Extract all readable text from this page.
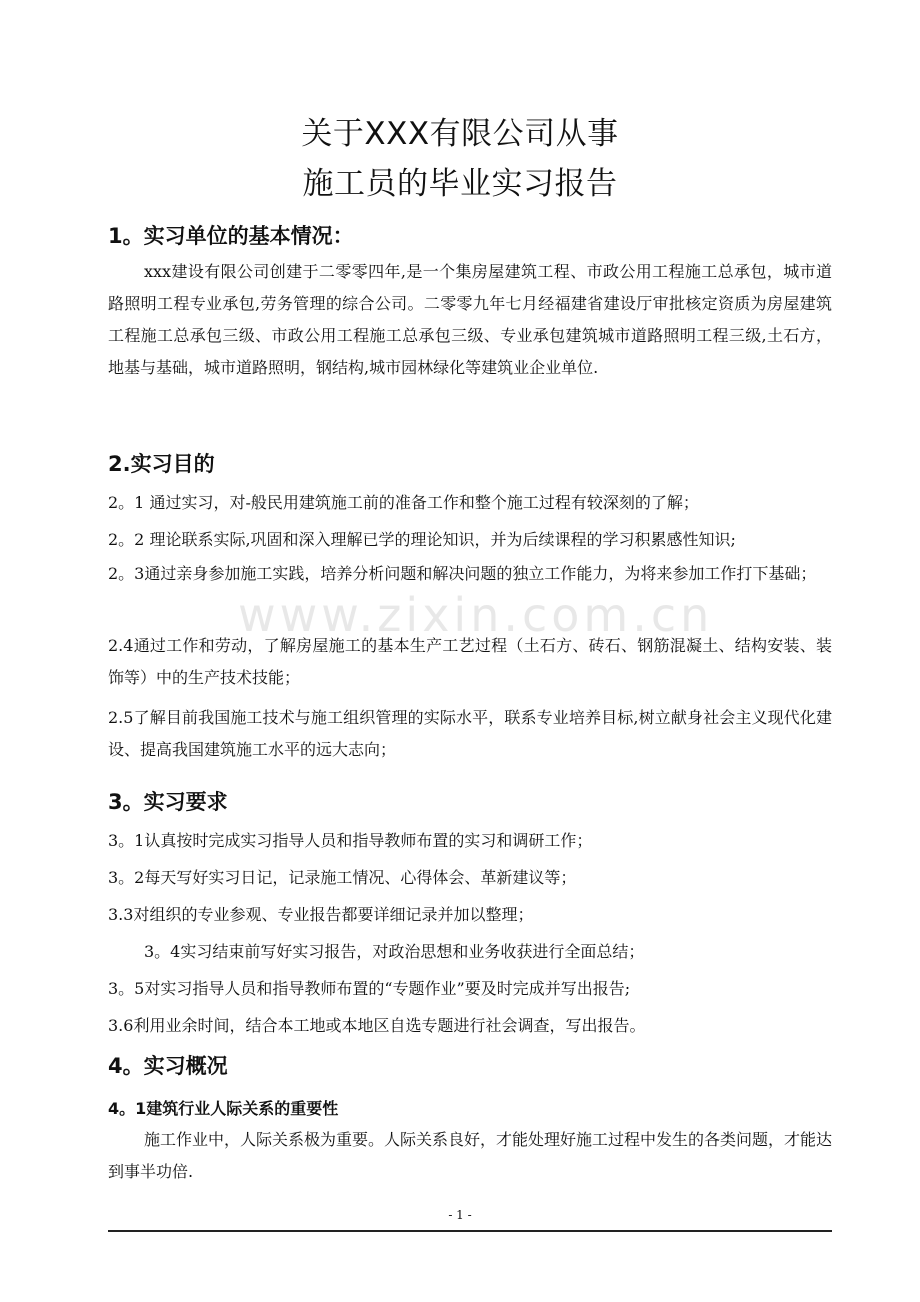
关于XXX有限公司从事
施工员的毕业实习报告
1。实习单位的基本情况：

xxx建设有限公司创建于二零零四年,是一个集房屋建筑工程、市政公用工程施工总承包，城市道路照明工程专业承包,劳务管理的综合公司。二零零九年七月经福建省建设厅审批核定资质为房屋建筑工程施工总承包三级、市政公用工程施工总承包三级、专业承包建筑城市道路照明工程三级,土石方，地基与基础，城市道路照明，钢结构,城市园林绿化等建筑业企业单位.

2.实习目的
2。1 通过实习，对-般民用建筑施工前的准备工作和整个施工过程有较深刻的了解；
2。2 理论联系实际,巩固和深入理解已学的理论知识，并为后续课程的学习积累感性知识;

2。3通过亲身参加施工实践，培养分析问题和解决问题的独立工作能力，为将来参加工作打下基础；

2.4通过工作和劳动，了解房屋施工的基本生产工艺过程（土石方、砖石、钢筋混凝土、结构安装、装饰等）中的生产技术技能；

2.5了解目前我国施工技术与施工组织管理的实际水平，联系专业培养目标,树立献身社会主义现代化建设、提高我国建筑施工水平的远大志向；

3。实习要求
3。1认真按时完成实习指导人员和指导教师布置的实习和调研工作；
3。2每天写好实习日记，记录施工情况、心得体会、革新建议等；
3.3对组织的专业参观、专业报告都要详细记录并加以整理；
3。4实习结束前写好实习报告，对政治思想和业务收获进行全面总结；
3。5对实习指导人员和指导教师布置的“专题作业”要及时完成并写出报告;
3.6利用业余时间，结合本工地或本地区自选专题进行社会调查，写出报告。
4。实习概况
4。1建筑行业人际关系的重要性

施工作业中，人际关系极为重要。人际关系良好，才能处理好施工过程中发生的各类问题，才能达到事半功倍.

www.zixin.com.cn
- 1 -
